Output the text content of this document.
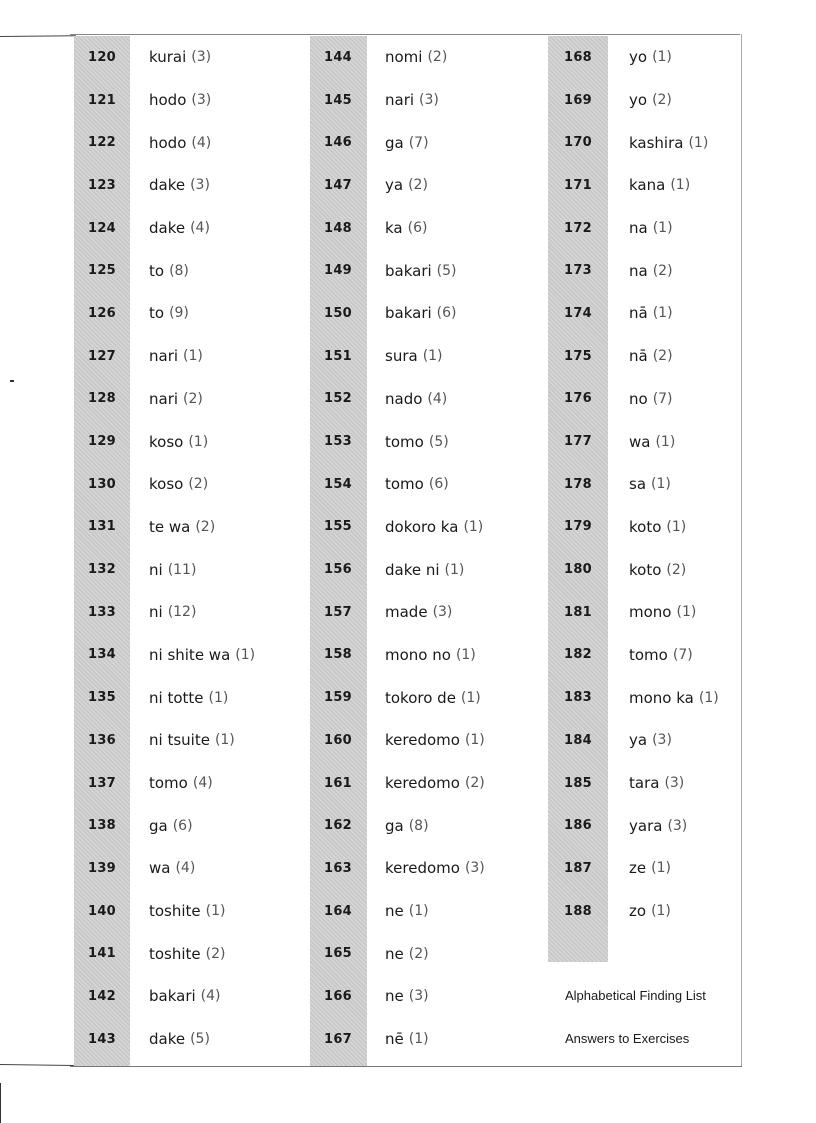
120	kurai (3)
121	hodo (3)
122	hodo (4)
123	dake (3)
124	dake (4)
125	to (8)
126	to (9)
127	nari (1)
128	nari (2)
129	koso (1)
130	koso (2)
131	te wa (2)
132	ni (11)
133	ni (12)
134	ni shite wa (1)
135	ni totte (1)
136	ni tsuite (1)
137	tomo (4)
138	ga (6)
139	wa (4)
140	toshite (1)
141	toshite (2)
142	bakari (4)
143	dake (5)
144	nomi (2)
145	nari (3)
146	ga (7)
147	ya (2)
148	ka (6)
149	bakari (5)
150	bakari (6)
151	sura (1)
152	nado (4)
153	tomo (5)
154	tomo (6)
155	dokoro ka (1)
156	dake ni (1)
157	made (3)
158	mono no (1)
159	tokoro de (1)
160	keredomo (1)
161	keredomo (2)
162	ga (8)
163	keredomo (3)
164	ne (1)
165	ne (2)
166	ne (3)
167	nē (1)
168	yo (1)
169	yo (2)
170	kashira (1)
171	kana (1)
172	na (1)
173	na (2)
174	nā (1)
175	nā (2)
176	no (7)
177	wa (1)
178	sa (1)
179	koto (1)
180	koto (2)
181	mono (1)
182	tomo (7)
183	mono ka (1)
184	ya (3)
185	tara (3)
186	yara (3)
187	ze (1)
188	zo (1)
Alphabetical Finding List
Answers to Exercises
